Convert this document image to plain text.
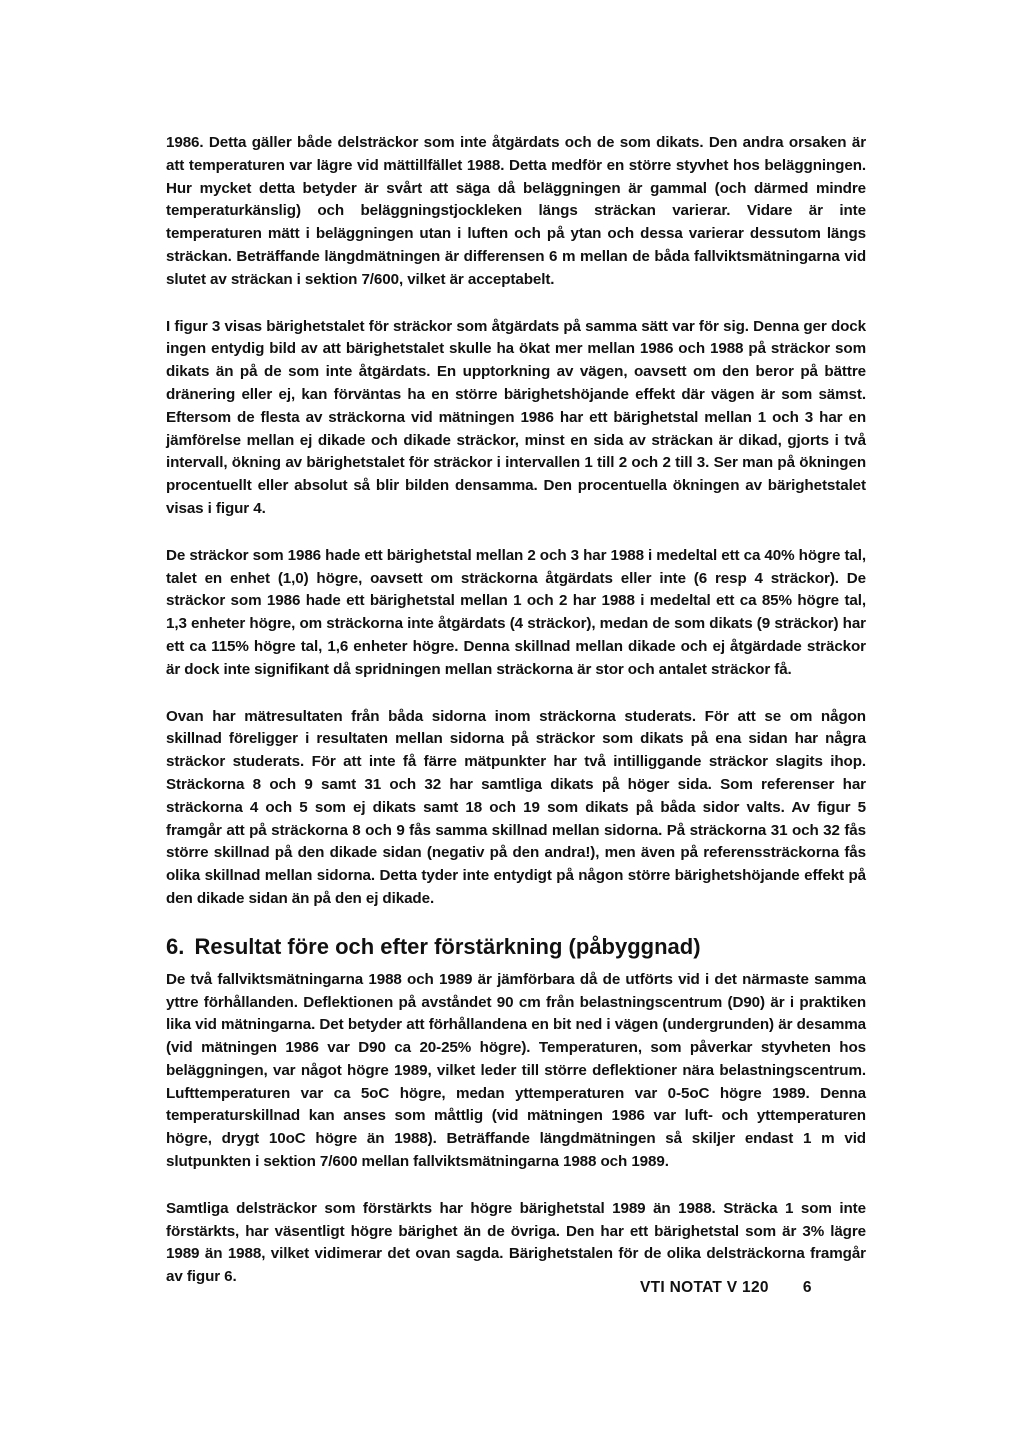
1986. Detta gäller både delsträckor som inte åtgärdats och de som dikats. Den andra orsaken är att temperaturen var lägre vid mättillfället 1988. Detta medför en större styvhet hos beläggningen. Hur mycket detta betyder är svårt att säga då beläggningen är gammal (och därmed mindre temperaturkänslig) och beläggningstjockleken längs sträckan varierar. Vidare är inte temperaturen mätt i beläggningen utan i luften och på ytan och dessa varierar dessutom längs sträckan. Beträffande längdmätningen är differensen 6 m mellan de båda fallviktsmätningarna vid slutet av sträckan i sektion 7/600, vilket är acceptabelt.

I figur 3 visas bärighetstalet för sträckor som åtgärdats på samma sätt var för sig. Denna ger dock ingen entydig bild av att bärighetstalet skulle ha ökat mer mellan 1986 och 1988 på sträckor som dikats än på de som inte åtgärdats. En upptorkning av vägen, oavsett om den beror på bättre dränering eller ej, kan förväntas ha en större bärighetshöjande effekt där vägen är som sämst. Eftersom de flesta av sträckorna vid mätningen 1986 har ett bärighetstal mellan 1 och 3 har en jämförelse mellan ej dikade och dikade sträckor, minst en sida av sträckan är dikad, gjorts i två intervall, ökning av bärighetstalet för sträckor i intervallen 1 till 2 och 2 till 3. Ser man på ökningen procentuellt eller absolut så blir bilden densamma. Den procentuella ökningen av bärighetstalet visas i figur 4.

De sträckor som 1986 hade ett bärighetstal mellan 2 och 3 har 1988 i medeltal ett ca 40% högre tal, talet en enhet (1,0) högre, oavsett om sträckorna åtgärdats eller inte (6 resp 4 sträckor). De sträckor som 1986 hade ett bärighetstal mellan 1 och 2 har 1988 i medeltal ett ca 85% högre tal, 1,3 enheter högre, om sträckorna inte åtgärdats (4 sträckor), medan de som dikats (9 sträckor) har ett ca 115% högre tal, 1,6 enheter högre. Denna skillnad mellan dikade och ej åtgärdade sträckor är dock inte signifikant då spridningen mellan sträckorna är stor och antalet sträckor få.

Ovan har mätresultaten från båda sidorna inom sträckorna studerats. För att se om någon skillnad föreligger i resultaten mellan sidorna på sträckor som dikats på ena sidan har några sträckor studerats. För att inte få färre mätpunkter har två intilliggande sträckor slagits ihop. Sträckorna 8 och 9 samt 31 och 32 har samtliga dikats på höger sida. Som referenser har sträckorna 4 och 5 som ej dikats samt 18 och 19 som dikats på båda sidor valts. Av figur 5 framgår att på sträckorna 8 och 9 fås samma skillnad mellan sidorna. På sträckorna 31 och 32 fås större skillnad på den dikade sidan (negativ på den andra!), men även på referenssträckorna fås olika skillnad mellan sidorna. Detta tyder inte entydigt på någon större bärighetshöjande effekt på den dikade sidan än på den ej dikade.

6. Resultat före och efter förstärkning (påbyggnad)

De två fallviktsmätningarna 1988 och 1989 är jämförbara då de utförts vid i det närmaste samma yttre förhållanden. Deflektionen på avståndet 90 cm från belastningscentrum (D90) är i praktiken lika vid mätningarna. Det betyder att förhållandena en bit ned i vägen (undergrunden) är desamma (vid mätningen 1986 var D90 ca 20-25% högre). Temperaturen, som påverkar styvheten hos beläggningen, var något högre 1989, vilket leder till större deflektioner nära belastningscentrum. Lufttemperaturen var ca 5oC högre, medan yttemperaturen var 0-5oC högre 1989. Denna temperaturskillnad kan anses som måttlig (vid mätningen 1986 var luft- och yttemperaturen högre, drygt 10oC högre än 1988). Beträffande längdmätningen så skiljer endast 1 m vid slutpunkten i sektion 7/600 mellan fallviktsmätningarna 1988 och 1989.

Samtliga delsträckor som förstärkts har högre bärighetstal 1989 än 1988. Sträcka 1 som inte förstärkts, har väsentligt högre bärighet än de övriga. Den har ett bärighetstal som är 3% lägre 1989 än 1988, vilket vidimerar det ovan sagda. Bärighetstalen för de olika delsträckorna framgår av figur 6.

VTI NOTAT V 120 6
